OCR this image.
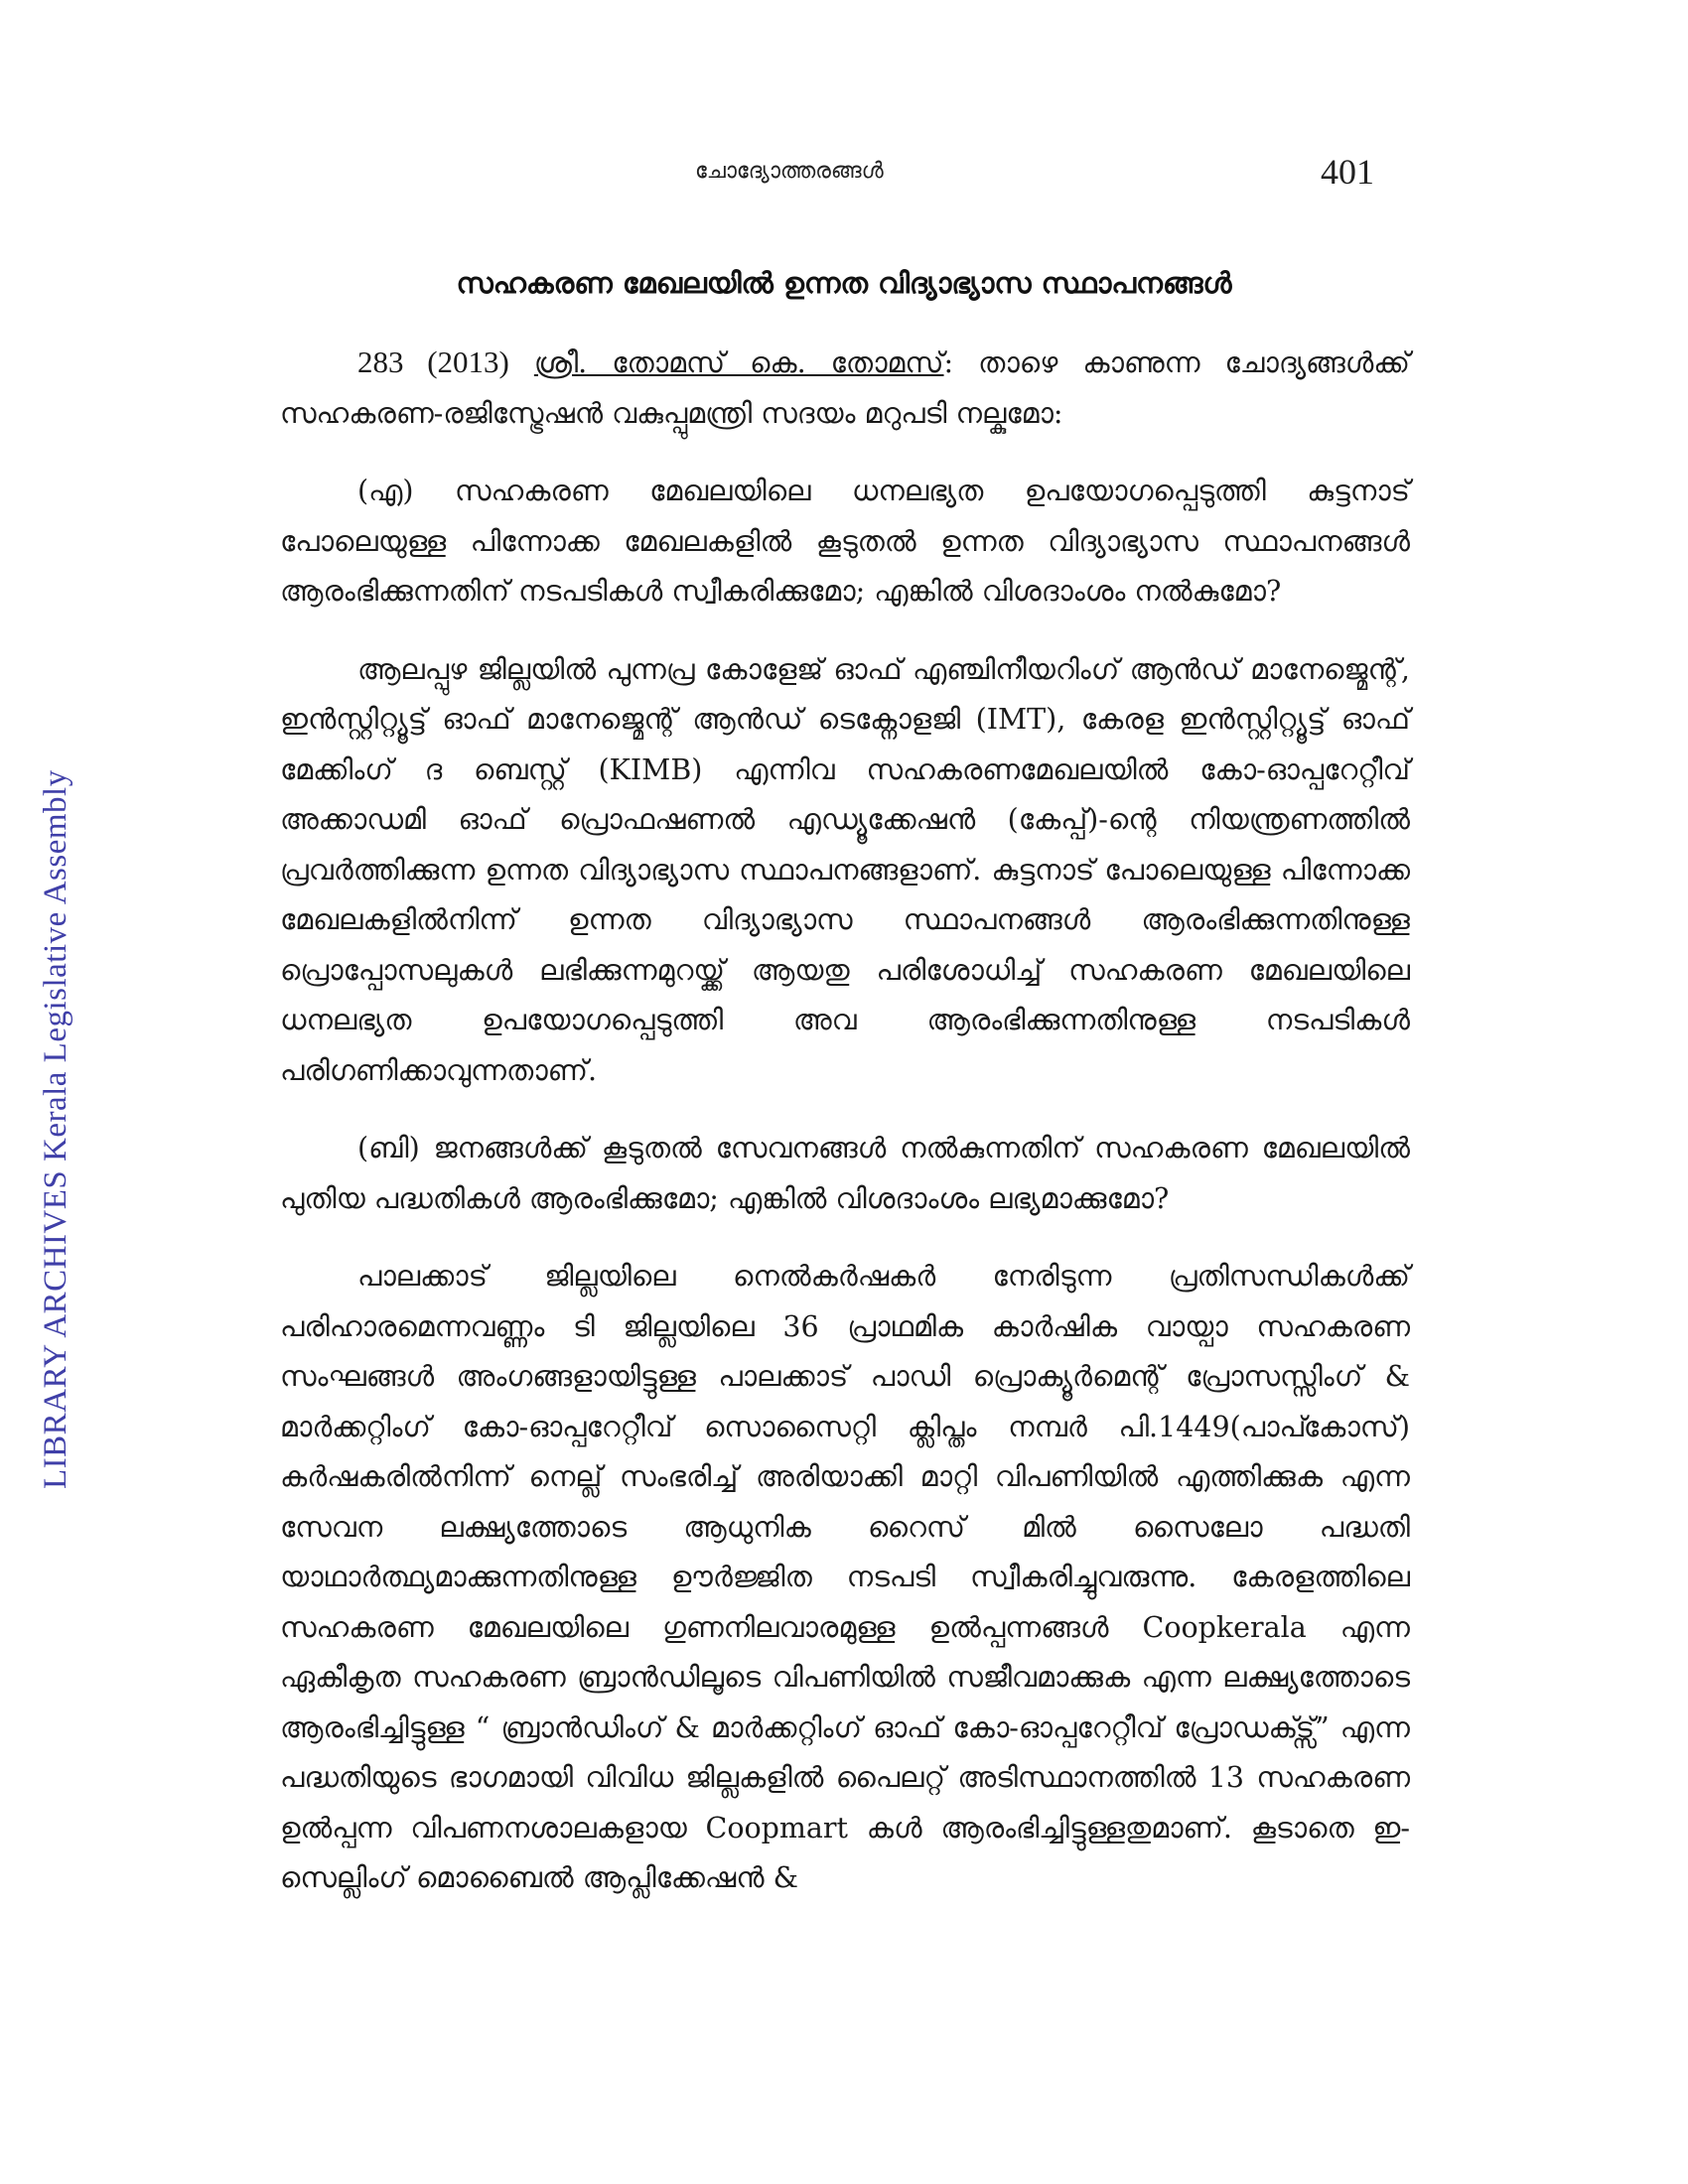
LIBRARY ARCHIVES Kerala Legislative Assembly
ചോദ്യോത്തരങ്ങൾ	401
സഹകരണ മേഖലയിൽ ഉന്നത വിദ്യാഭ്യാസ സ്ഥാപനങ്ങൾ

283 (2013) ശ്രീ. തോമസ് കെ. തോമസ്: താഴെ കാണുന്ന ചോദ്യങ്ങൾക്ക് സഹകരണ-രജിസ്ട്രേഷൻ വകുപ്പുമന്ത്രി സദയം മറുപടി നല്കുമോ:

(എ) സഹകരണ മേഖലയിലെ ധനലഭ്യത ഉപയോഗപ്പെടുത്തി കുട്ടനാട് പോലെയുള്ള പിന്നോക്ക മേഖലകളിൽ കൂടുതൽ ഉന്നത വിദ്യാഭ്യാസ സ്ഥാപനങ്ങൾ ആരംഭിക്കുന്നതിന് നടപടികൾ സ്വീകരിക്കുമോ; എങ്കിൽ വിശദാംശം നൽകുമോ?

ആലപ്പുഴ ജില്ലയിൽ പുന്നപ്ര കോളേജ് ഓഫ് എഞ്ചിനീയറിംഗ് ആൻഡ് മാനേജ്മെന്റ്, ഇൻസ്റ്റിറ്റ്യൂട്ട് ഓഫ് മാനേജ്മെന്റ് ആൻഡ് ടെക്നോളജി (IMT), കേരള ഇൻസ്റ്റിറ്റ്യൂട്ട് ഓഫ് മേക്കിംഗ് ദ ബെസ്റ്റ് (KIMB) എന്നിവ സഹകരണമേഖലയിൽ കോ-ഓപ്പറേറ്റീവ് അക്കാഡമി ഓഫ് പ്രൊഫഷണൽ എഡ്യൂക്കേഷൻ (കേപ്പ്)-ന്റെ നിയന്ത്രണത്തിൽ പ്രവർത്തിക്കുന്ന ഉന്നത വിദ്യാഭ്യാസ സ്ഥാപനങ്ങളാണ്. കുട്ടനാട് പോലെയുള്ള പിന്നോക്ക മേഖലകളിൽനിന്ന് ഉന്നത വിദ്യാഭ്യാസ സ്ഥാപനങ്ങൾ ആരംഭിക്കുന്നതിനുള്ള പ്രൊപ്പോസലുകൾ ലഭിക്കുന്നമുറയ്ക്ക് ആയതു പരിശോധിച്ച് സഹകരണ മേഖലയിലെ ധനലഭ്യത ഉപയോഗപ്പെടുത്തി അവ ആരംഭിക്കുന്നതിനുള്ള നടപടികൾ പരിഗണിക്കാവുന്നതാണ്.

(ബി) ജനങ്ങൾക്ക് കൂടുതൽ സേവനങ്ങൾ നൽകുന്നതിന് സഹകരണ മേഖലയിൽ പുതിയ പദ്ധതികൾ ആരംഭിക്കുമോ; എങ്കിൽ വിശദാംശം ലഭ്യമാക്കുമോ?

പാലക്കാട് ജില്ലയിലെ നെൽകർഷകർ നേരിടുന്ന പ്രതിസന്ധികൾക്ക് പരിഹാരമെന്നവണ്ണം ടി ജില്ലയിലെ 36 പ്രാഥമിക കാർഷിക വായ്പാ സഹകരണ സംഘങ്ങൾ അംഗങ്ങളായിട്ടുള്ള പാലക്കാട് പാഡി പ്രൊക്യൂർമെന്റ് പ്രോസസ്സിംഗ് & മാർക്കറ്റിംഗ് കോ-ഓപ്പറേറ്റീവ് സൊസൈറ്റി ക്ലിപ്തം നമ്പർ പി.1449(പാപ്കോസ്) കർഷകരിൽനിന്ന് നെല്ല് സംഭരിച്ച് അരിയാക്കി മാറ്റി വിപണിയിൽ എത്തിക്കുക എന്ന സേവന ലക്ഷ്യത്തോടെ ആധുനിക റൈസ് മിൽ സൈലോ പദ്ധതി യാഥാർത്ഥ്യമാക്കുന്നതിനുള്ള ഊർജ്ജിത നടപടി സ്വീകരിച്ചുവരുന്നു. കേരളത്തിലെ സഹകരണ മേഖലയിലെ ഗുണനിലവാരമുള്ള ഉൽപ്പന്നങ്ങൾ Coopkerala എന്ന ഏകീകൃത സഹകരണ ബ്രാൻഡിലൂടെ വിപണിയിൽ സജീവമാക്കുക എന്ന ലക്ഷ്യത്തോടെ ആരംഭിച്ചിട്ടുള്ള “ ബ്രാൻഡിംഗ് & മാർക്കറ്റിംഗ് ഓഫ് കോ-ഓപ്പറേറ്റീവ് പ്രോഡക്ട്സ്” എന്ന പദ്ധതിയുടെ ഭാഗമായി വിവിധ ജില്ലകളിൽ പൈലറ്റ് അടിസ്ഥാനത്തിൽ 13 സഹകരണ ഉൽപ്പന്ന വിപണനശാലകളായ Coopmart കൾ ആരംഭിച്ചിട്ടുള്ളതുമാണ്. കൂടാതെ ഇ-സെല്ലിംഗ് മൊബൈൽ ആപ്ലിക്കേഷൻ &
